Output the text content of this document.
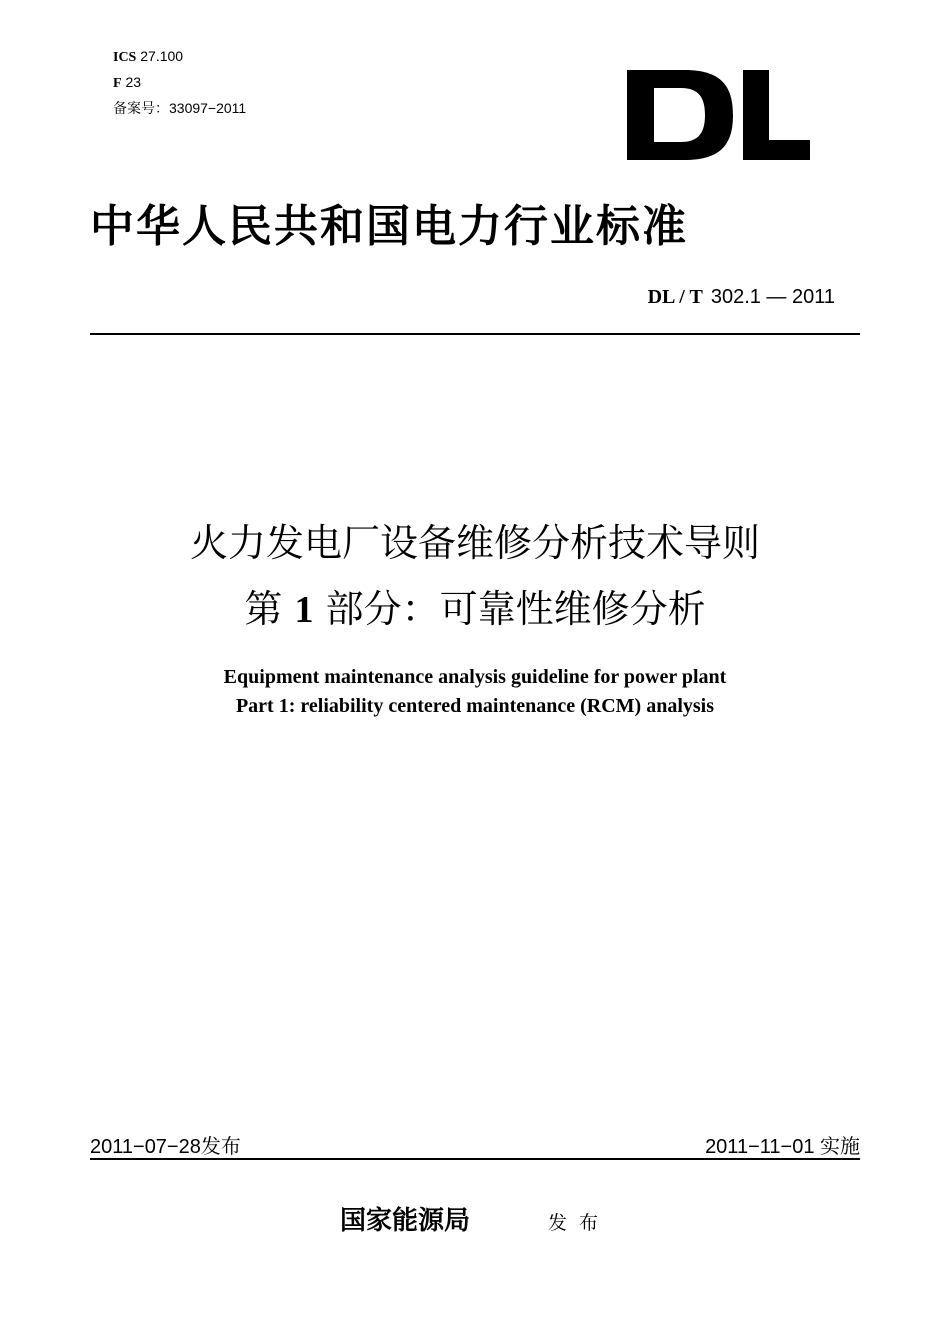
ICS 27.100
F 23
备案号：33097−2011
中华人民共和国电力行业标准
DL / T 302.1 — 2011
火力发电厂设备维修分析技术导则
第 1 部分：可靠性维修分析
Equipment maintenance analysis guideline for power plant
Part 1: reliability centered maintenance (RCM) analysis
2011−07−28发布	2011−11−01 实施
国家能源局	发布
